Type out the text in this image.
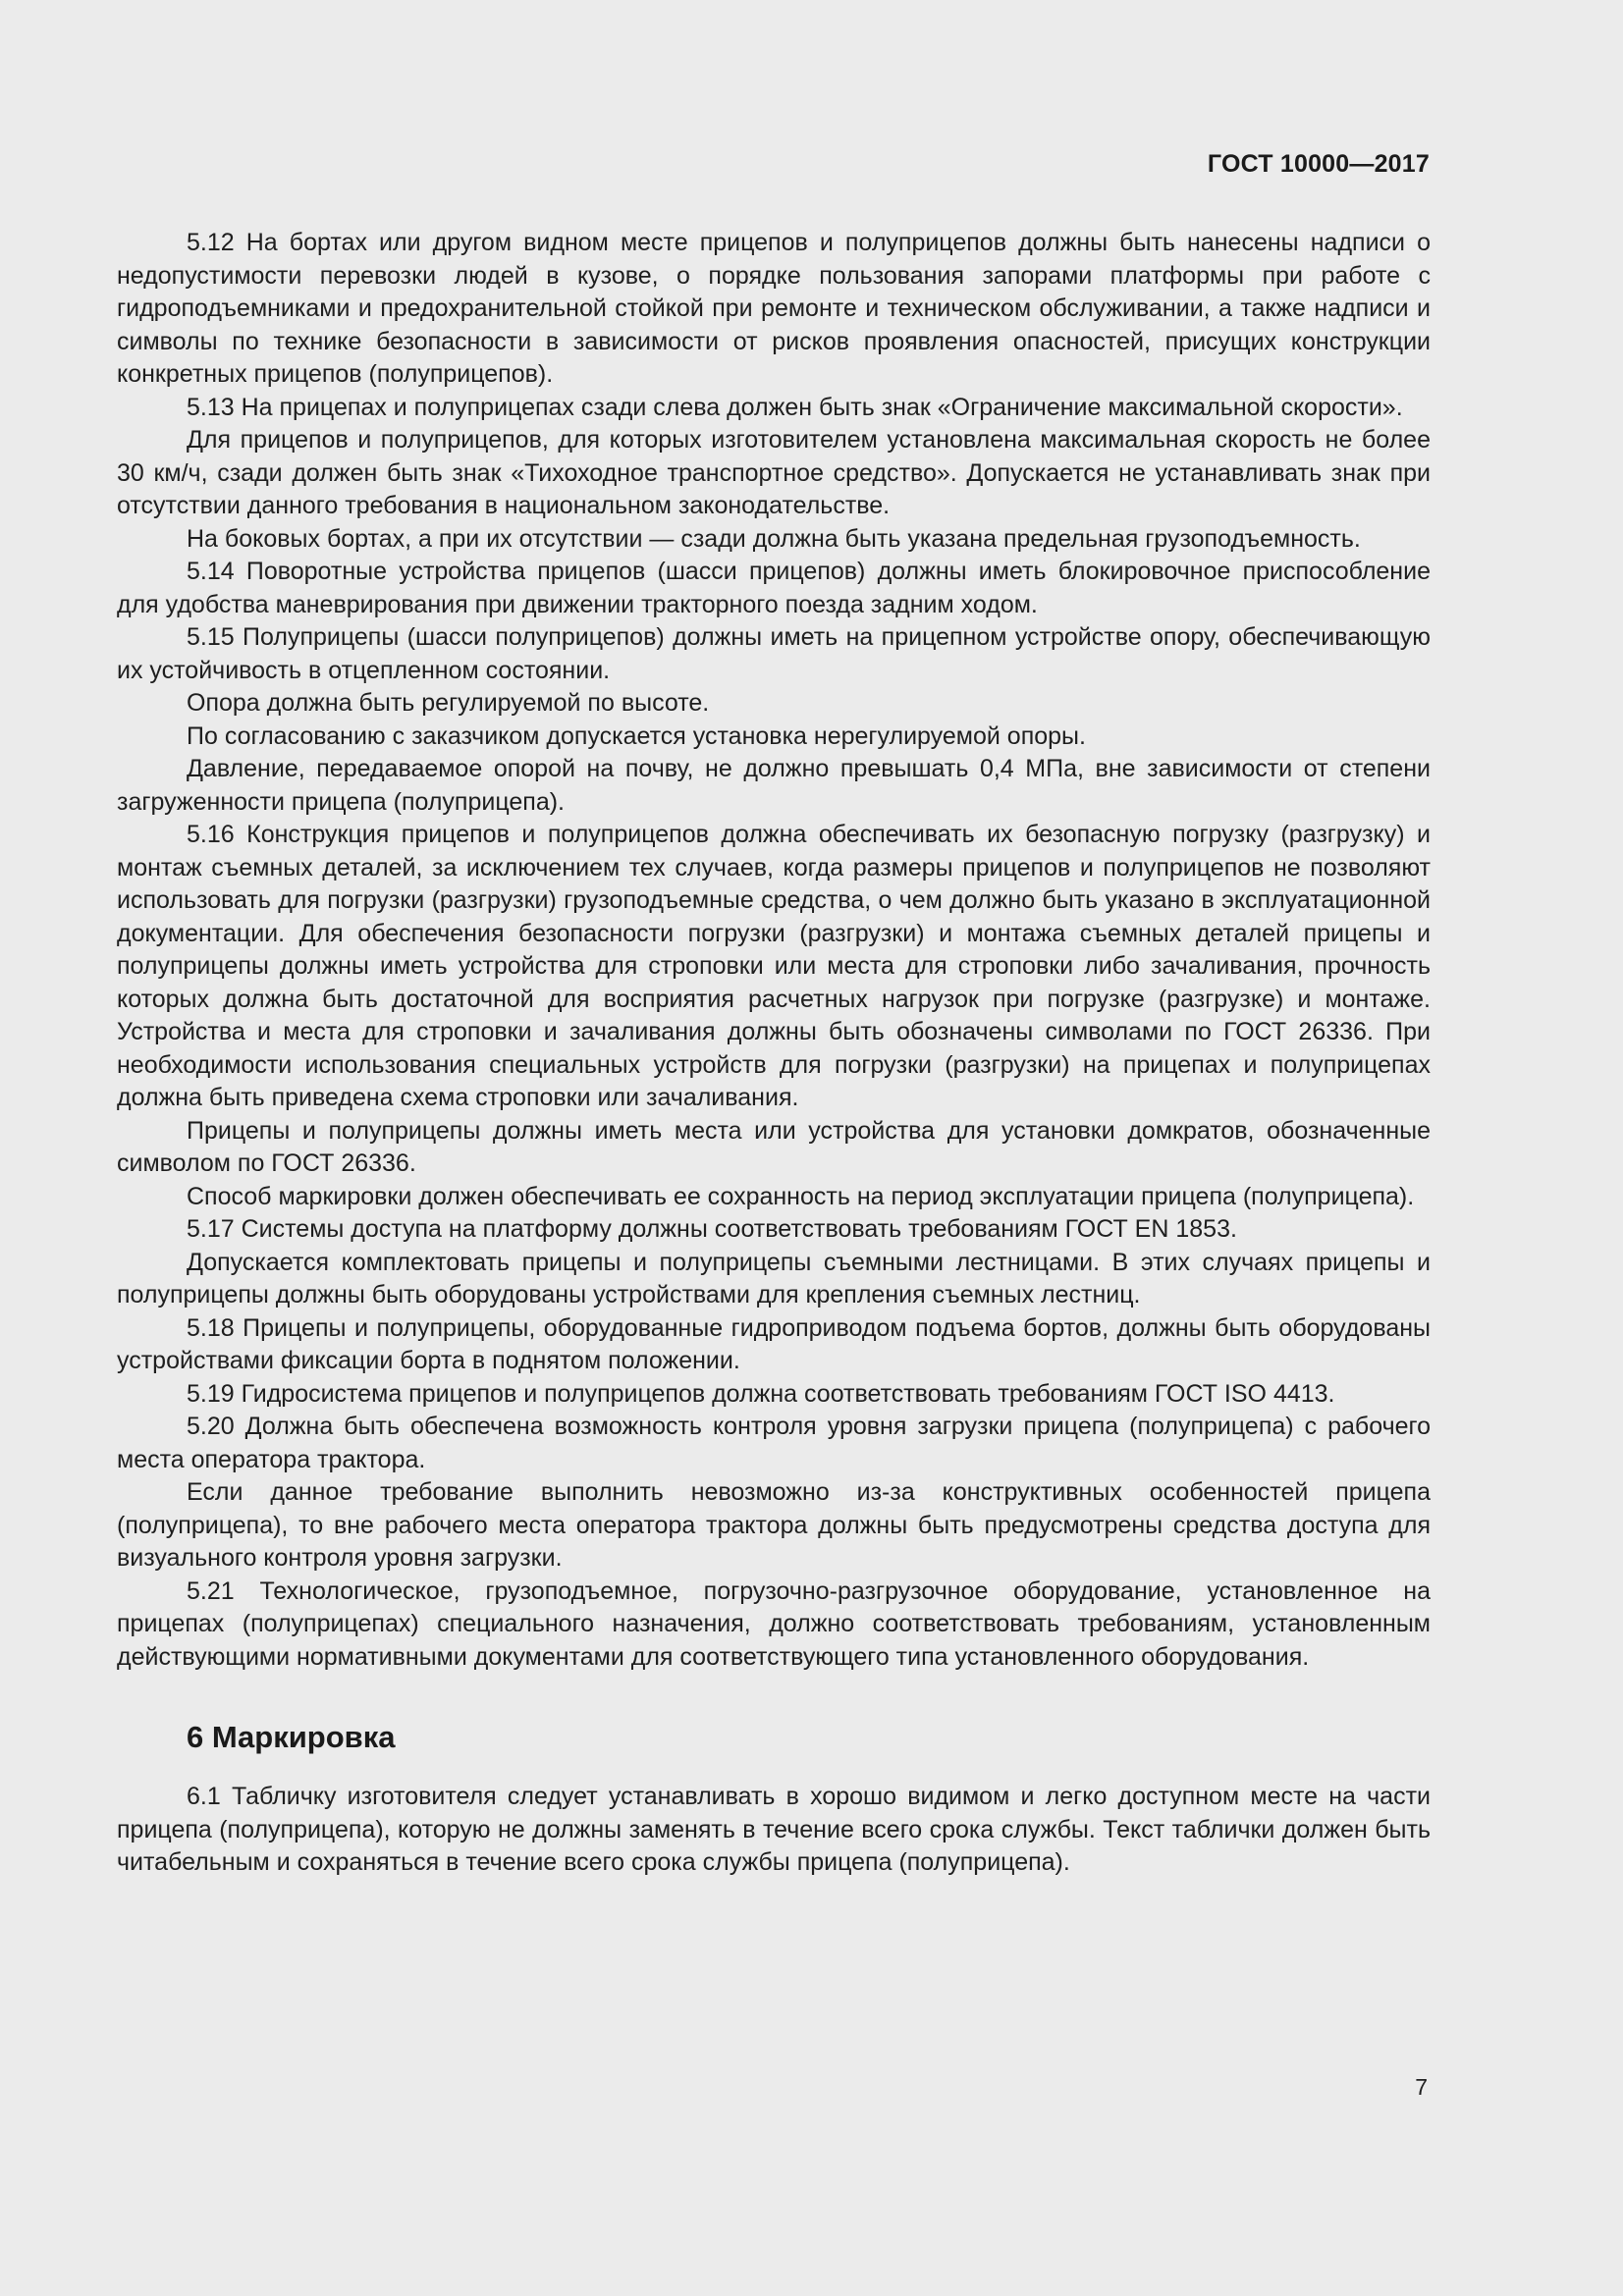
ГОСТ 10000—2017

5.12 На бортах или другом видном месте прицепов и полуприцепов должны быть нанесены надписи о недопустимости перевозки людей в кузове, о порядке пользования запорами платформы при работе с гидроподъемниками и предохранительной стойкой при ремонте и техническом обслуживании, а также надписи и символы по технике безопасности в зависимости от рисков проявления опасностей, присущих конструкции конкретных прицепов (полуприцепов).

5.13 На прицепах и полуприцепах сзади слева должен быть знак «Ограничение максимальной скорости».

Для прицепов и полуприцепов, для которых изготовителем установлена максимальная скорость не более 30 км/ч, сзади должен быть знак «Тихоходное транспортное средство». Допускается не устанавливать знак при отсутствии данного требования в национальном законодательстве.

На боковых бортах, а при их отсутствии — сзади должна быть указана предельная грузоподъемность.

5.14 Поворотные устройства прицепов (шасси прицепов) должны иметь блокировочное приспособление для удобства маневрирования при движении тракторного поезда задним ходом.

5.15 Полуприцепы (шасси полуприцепов) должны иметь на прицепном устройстве опору, обеспечивающую их устойчивость в отцепленном состоянии.

Опора должна быть регулируемой по высоте.

По согласованию с заказчиком допускается установка нерегулируемой опоры.

Давление, передаваемое опорой на почву, не должно превышать 0,4 МПа, вне зависимости от степени загруженности прицепа (полуприцепа).

5.16 Конструкция прицепов и полуприцепов должна обеспечивать их безопасную погрузку (разгрузку) и монтаж съемных деталей, за исключением тех случаев, когда размеры прицепов и полуприцепов не позволяют использовать для погрузки (разгрузки) грузоподъемные средства, о чем должно быть указано в эксплуатационной документации. Для обеспечения безопасности погрузки (разгрузки) и монтажа съемных деталей прицепы и полуприцепы должны иметь устройства для строповки или места для строповки либо зачаливания, прочность которых должна быть достаточной для восприятия расчетных нагрузок при погрузке (разгрузке) и монтаже. Устройства и места для строповки и зачаливания должны быть обозначены символами по ГОСТ 26336. При необходимости использования специальных устройств для погрузки (разгрузки) на прицепах и полуприцепах должна быть приведена схема строповки или зачаливания.

Прицепы и полуприцепы должны иметь места или устройства для установки домкратов, обозначенные символом по ГОСТ 26336.

Способ маркировки должен обеспечивать ее сохранность на период эксплуатации прицепа (полуприцепа).

5.17 Системы доступа на платформу должны соответствовать требованиям ГОСТ EN 1853.

Допускается комплектовать прицепы и полуприцепы съемными лестницами. В этих случаях прицепы и полуприцепы должны быть оборудованы устройствами для крепления съемных лестниц.

5.18 Прицепы и полуприцепы, оборудованные гидроприводом подъема бортов, должны быть оборудованы устройствами фиксации борта в поднятом положении.

5.19 Гидросистема прицепов и полуприцепов должна соответствовать требованиям ГОСТ ISO 4413.

5.20 Должна быть обеспечена возможность контроля уровня загрузки прицепа (полуприцепа) с рабочего места оператора трактора.

Если данное требование выполнить невозможно из-за конструктивных особенностей прицепа (полуприцепа), то вне рабочего места оператора трактора должны быть предусмотрены средства доступа для визуального контроля уровня загрузки.

5.21 Технологическое, грузоподъемное, погрузочно-разгрузочное оборудование, установленное на прицепах (полуприцепах) специального назначения, должно соответствовать требованиям, установленным действующими нормативными документами для соответствующего типа установленного оборудования.

6 Маркировка

6.1 Табличку изготовителя следует устанавливать в хорошо видимом и легко доступном месте на части прицепа (полуприцепа), которую не должны заменять в течение всего срока службы. Текст таблички должен быть читабельным и сохраняться в течение всего срока службы прицепа (полуприцепа).

7
